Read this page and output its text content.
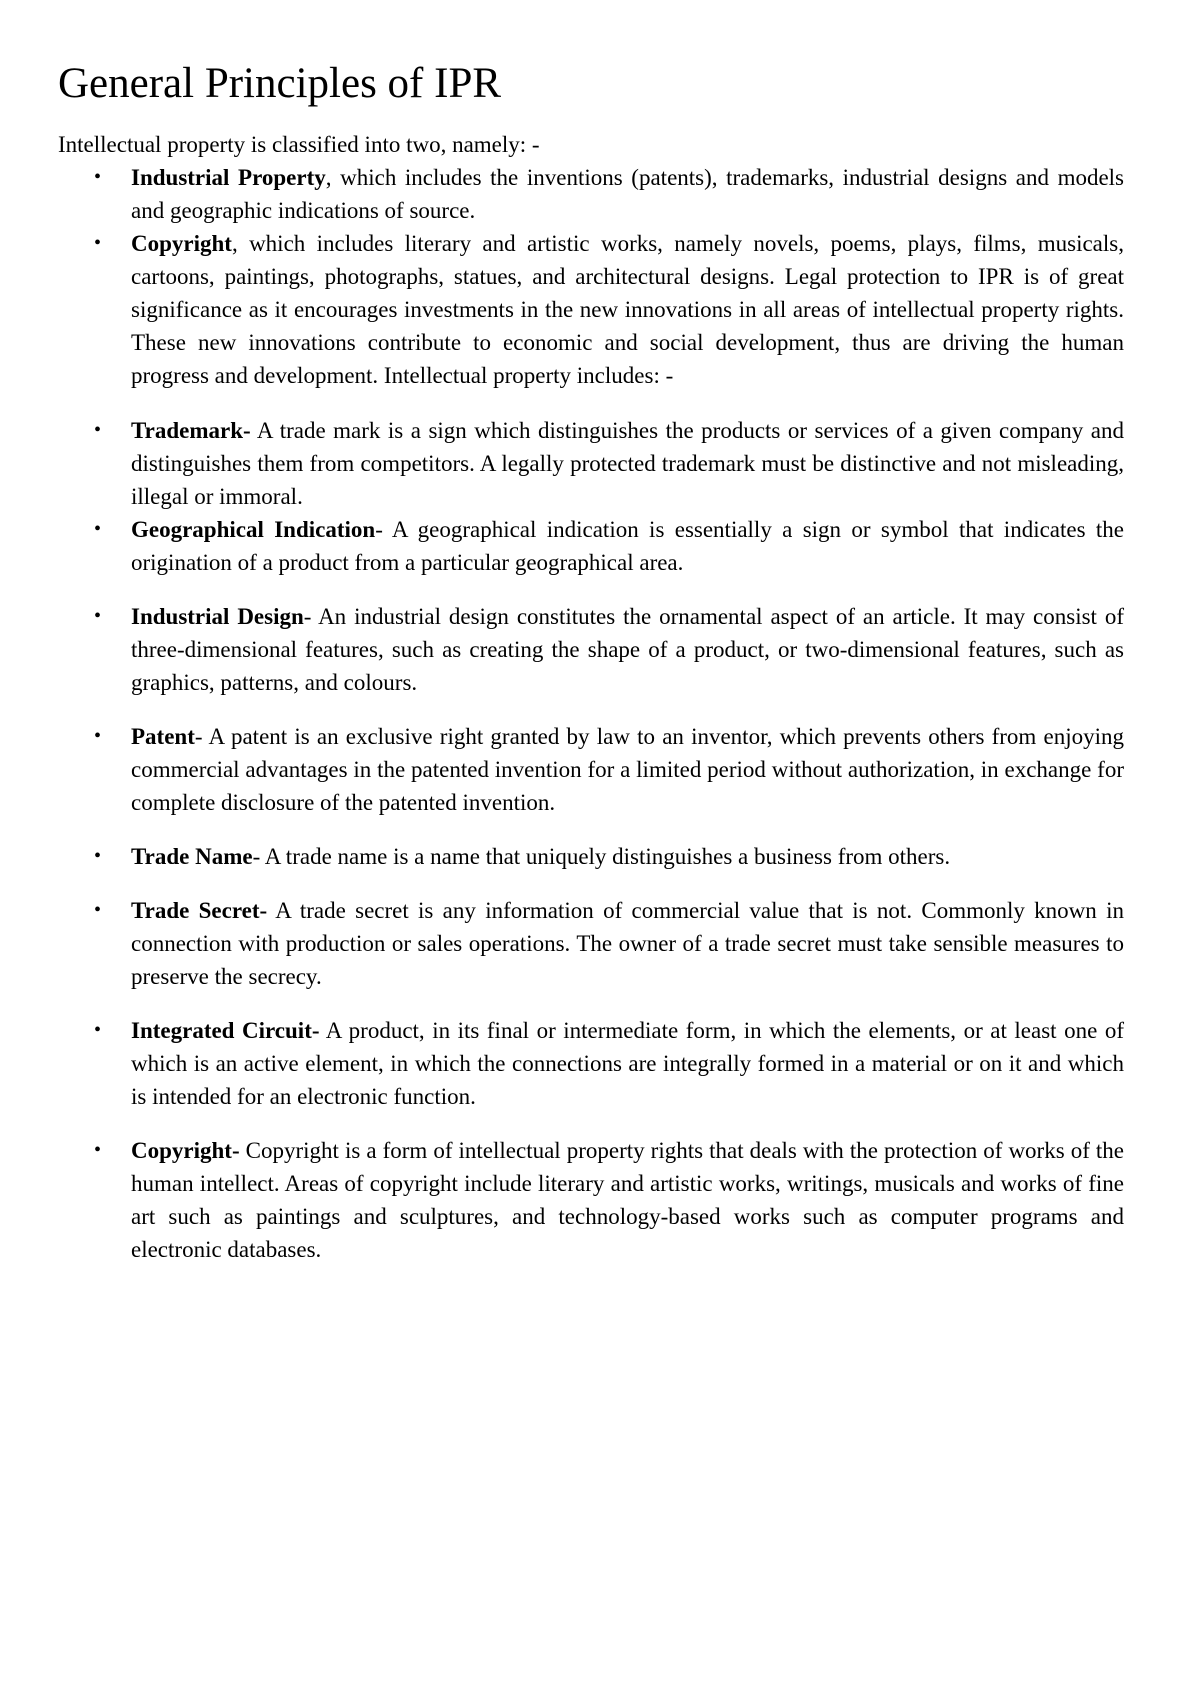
General Principles of IPR

Intellectual property is classified into two, namely: -

• Industrial Property, which includes the inventions (patents), trademarks, industrial designs and models and geographic indications of source.
• Copyright, which includes literary and artistic works, namely novels, poems, plays, films, musicals, cartoons, paintings, photographs, statues, and architectural designs. Legal protection to IPR is of great significance as it encourages investments in the new innovations in all areas of intellectual property rights. These new innovations contribute to economic and social development, thus are driving the human progress and development. Intellectual property includes: -
• Trademark- A trade mark is a sign which distinguishes the products or services of a given company and distinguishes them from competitors. A legally protected trademark must be distinctive and not misleading, illegal or immoral.
• Geographical Indication- A geographical indication is essentially a sign or symbol that indicates the origination of a product from a particular geographical area.
• Industrial Design- An industrial design constitutes the ornamental aspect of an article. It may consist of three-dimensional features, such as creating the shape of a product, or two-dimensional features, such as graphics, patterns, and colours.
• Patent- A patent is an exclusive right granted by law to an inventor, which prevents others from enjoying commercial advantages in the patented invention for a limited period without authorization, in exchange for complete disclosure of the patented invention.
• Trade Name- A trade name is a name that uniquely distinguishes a business from others.
• Trade Secret- A trade secret is any information of commercial value that is not. Commonly known in connection with production or sales operations. The owner of a trade secret must take sensible measures to preserve the secrecy.
• Integrated Circuit- A product, in its final or intermediate form, in which the elements, or at least one of which is an active element, in which the connections are integrally formed in a material or on it and which is intended for an electronic function.
• Copyright- Copyright is a form of intellectual property rights that deals with the protection of works of the human intellect. Areas of copyright include literary and artistic works, writings, musicals and works of fine art such as paintings and sculptures, and technology-based works such as computer programs and electronic databases.
